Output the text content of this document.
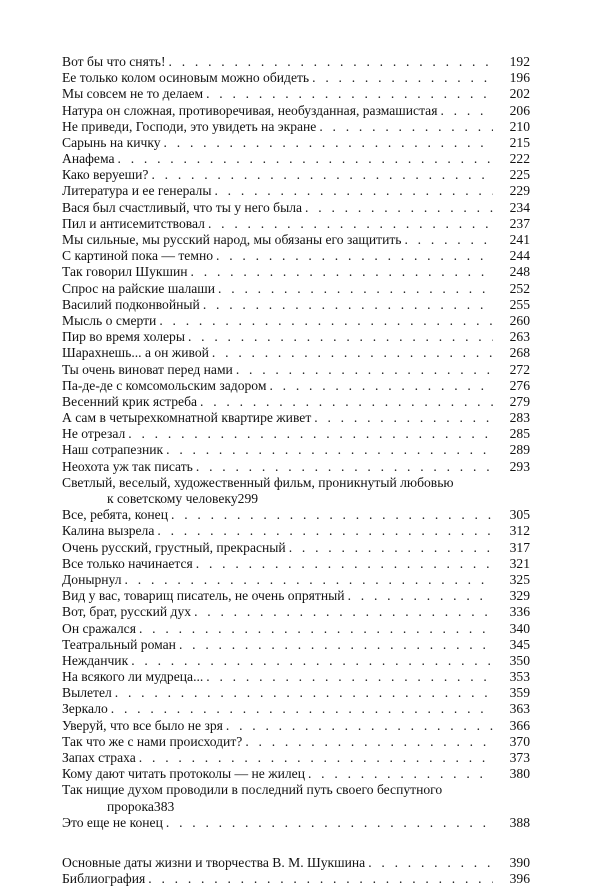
Вот бы что снять! . . .	192
Ее только колом осиновым можно обидеть . . .	196
Мы совсем не то делаем . . .	202
Натура он сложная, противоречивая, необузданная, размашистая . . .	206
Не приведи, Господи, это увидеть на экране . . .	210
Сарынь на кичку . . .	215
Анафема . . .	222
Како веруеши? . . .	225
Литература и ее генералы . . .	229
Вася был счастливый, что ты у него была . . .	234
Пил и антисемитствовал . . .	237
Мы сильные, мы русский народ, мы обязаны его защитить . . .	241
С картиной пока — темно . . .	244
Так говорил Шукшин . . .	248
Спрос на райские шалаши . . .	252
Василий подконвойный . . .	255
Мысль о смерти . . .	260
Пир во время холеры . . .	263
Шарахнешь... а он живой . . .	268
Ты очень виноват перед нами . . .	272
Па-де-де с комсомольским задором . . .	276
Весенний крик ястреба . . .	279
А сам в четырехкомнатной квартире живет . . .	283
Не отрезал . . .	285
Наш сотрапезник . . .	289
Неохота уж так писать . . .	293
Светлый, веселый, художественный фильм, проникнутый любовью
к советскому человеку 299
Все, ребята, конец . . .	305
Калина вызрела . . .	312
Очень русский, грустный, прекрасный . . .	317
Все только начинается . . .	321
Донырнул . . .	325
Вид у вас, товарищ писатель, не очень опрятный . . .	329
Вот, брат, русский дух . . .	336
Он сражался . . .	340
Театральный роман . . .	345
Нежданчик . . .	350
На всякого ли мудреца... . . .	353
Вылетел . . .	359
Зеркало . . .	363
Уверуй, что все было не зря . . .	366
Так что же с нами происходит? . . .	370
Запах страха . . .	373
Кому дают читать протоколы — не жилец . . .	380
Так нищие духом проводили в последний путь своего беспутного
пророка 383
Это еще не конец . . .	388
Основные даты жизни и творчества В. М. Шукшина . . .	390
Библиография . . .	396
